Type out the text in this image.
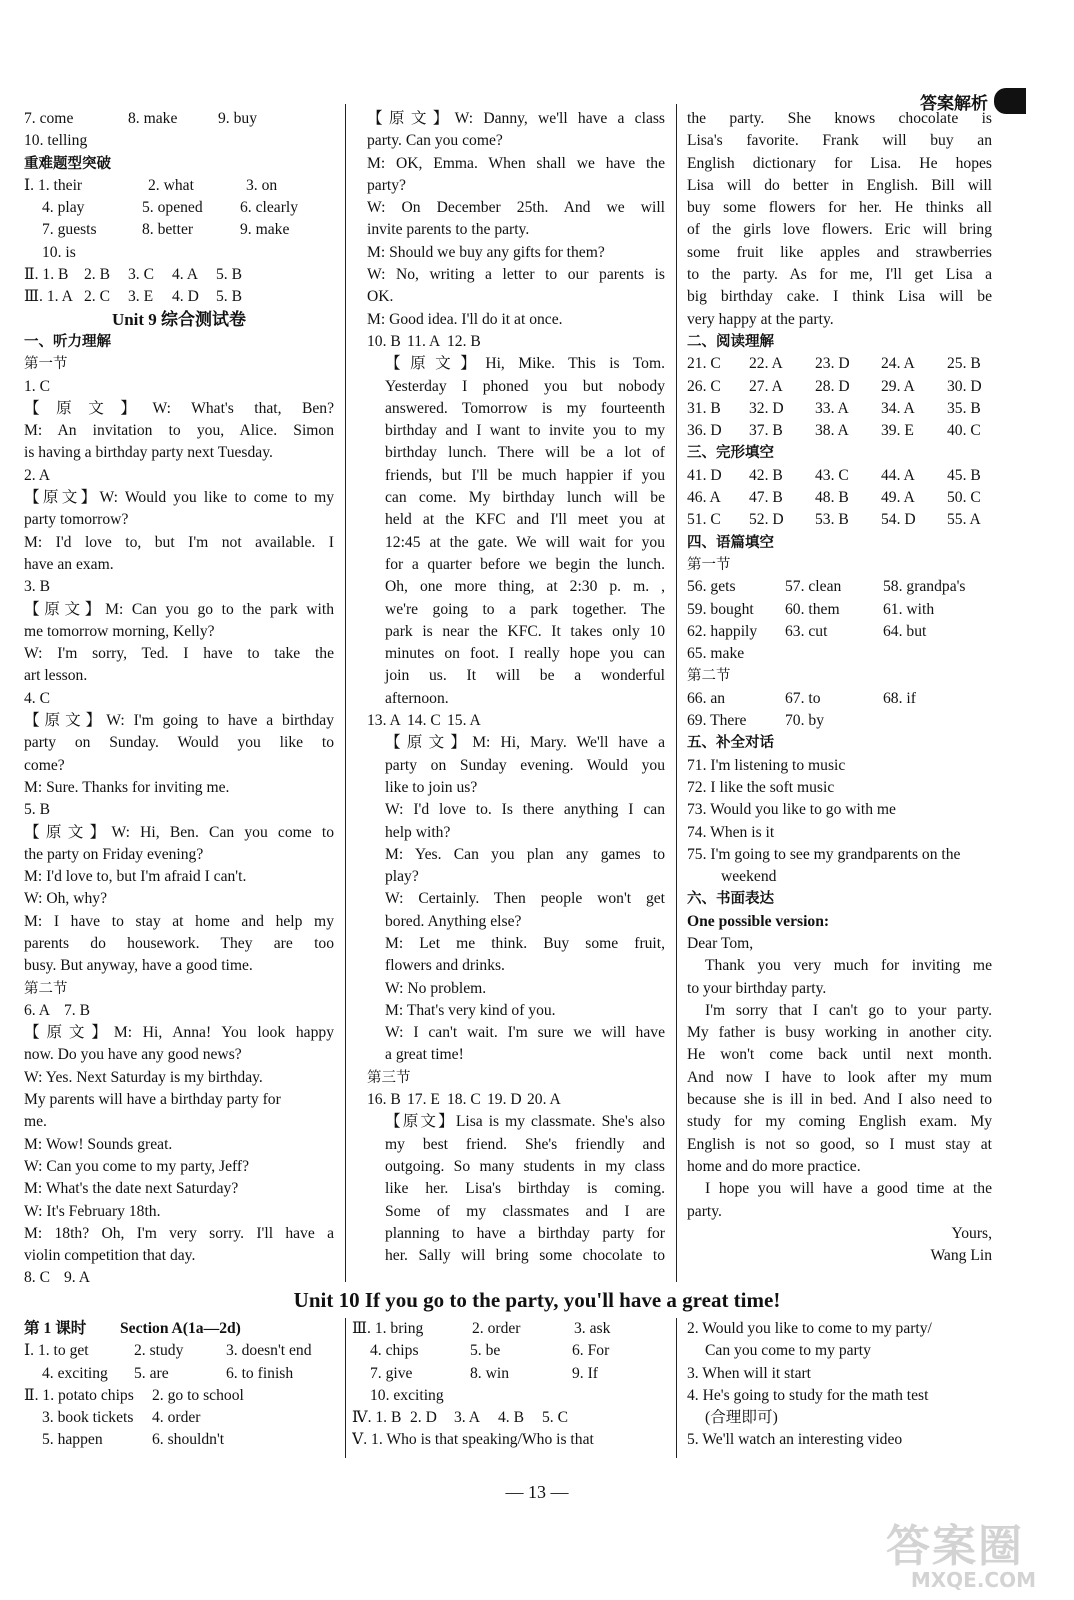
答案解析
7. come	8. make	9. buy
10. telling
重难题型突破
Ⅰ. 1. their	2. what	3. on
4. play	5. opened	6. clearly
7. guests	8. better	9. make
10. is
Ⅱ. 1. B	2. B	3. C	4. A	5. B
Ⅲ. 1. A 2. C	3. E	4. D	5. B
Unit 9 综合测试卷
一、听力理解
第一节
1. C
【原文】W: What's that, Ben?
M: An invitation to you, Alice. Simon
is having a birthday party next Tuesday.
2. A
【原文】W: Would you like to come to my
party tomorrow?
M: I'd love to, but I'm not available. I
have an exam.
3. B
【原文】M: Can you go to the park with
me tomorrow morning, Kelly?
W: I'm sorry, Ted. I have to take the
art lesson.
4. C
【原文】W: I'm going to have a birthday
party on Sunday. Would you like to
come?
M: Sure. Thanks for inviting me.
5. B
【原文】W: Hi, Ben. Can you come to
the party on Friday evening?
M: I'd love to, but I'm afraid I can't.
W: Oh, why?
M: I have to stay at home and help my
parents do housework. They are too
busy. But anyway, have a good time.
第二节
6. A 7. B
【原文】M: Hi, Anna! You look happy
now. Do you have any good news?
W: Yes. Next Saturday is my birthday.
My parents will have a birthday party for
me.
M: Wow! Sounds great.
W: Can you come to my party, Jeff?
M: What's the date next Saturday?
W: It's February 18th.
M: 18th? Oh, I'm very sorry. I'll have a
violin competition that day.
8. C 9. A
【原文】W: Danny, we'll have a class
party. Can you come?
M: OK, Emma. When shall we have the
party?
W: On December 25th. And we will
invite parents to the party.
M: Should we buy any gifts for them?
W: No, writing a letter to our parents is
OK.
M: Good idea. I'll do it at once.
10. B 11. A 12. B
【原文】Hi, Mike. This is Tom.
Yesterday I phoned you but nobody
answered. Tomorrow is my fourteenth
birthday and I want to invite you to my
birthday lunch. There will be a lot of
friends, but I'll be much happier if you
can come. My birthday lunch will be
held at the KFC and I'll meet you at
12:45 at the gate. We will wait for you
for a quarter before we begin the lunch.
Oh, one more thing, at 2:30 p. m. ,
we're going to a park together. The
park is near the KFC. It takes only 10
minutes on foot. I really hope you can
join us. It will be a wonderful
afternoon.
13. A 14. C 15. A
【原文】M: Hi, Mary. We'll have a
party on Sunday evening. Would you
like to join us?
W: I'd love to. Is there anything I can
help with?
M: Yes. Can you plan any games to
play?
W: Certainly. Then people won't get
bored. Anything else?
M: Let me think. Buy some fruit,
flowers and drinks.
W: No problem.
M: That's very kind of you.
W: I can't wait. I'm sure we will have
a great time!
第三节
16. B 17. E 18. C 19. D 20. A
【原文】Lisa is my classmate. She's also
my best friend. She's friendly and
outgoing. So many students in my class
like her. Lisa's birthday is coming.
Some of my classmates and I are
planning to have a birthday party for
her. Sally will bring some chocolate to
the party. She knows chocolate is
Lisa's favorite. Frank will buy an
English dictionary for Lisa. He hopes
Lisa will do better in English. Bill will
buy some flowers for her. He thinks all
of the girls love flowers. Eric will bring
some fruit like apples and strawberries
to the party. As for me, I'll get Lisa a
big birthday cake. I think Lisa will be
very happy at the party.
二、阅读理解
21. C	22. A	23. D	24. A	25. B
26. C	27. A	28. D	29. A	30. D
31. B	32. D	33. A	34. A	35. B
36. D	37. B	38. A	39. E	40. C
三、完形填空
41. D	42. B	43. C	44. A	45. B
46. A	47. B	48. B	49. A	50. C
51. C	52. D	53. B	54. D	55. A
四、语篇填空
第一节
56. gets	57. clean	58. grandpa's
59. bought	60. them	61. with
62. happily	63. cut	64. but
65. make
第二节
66. an	67. to	68. if
69. There	70. by
五、补全对话
71. I'm listening to music
72. I like the soft music
73. Would you like to go with me
74. When is it
75. I'm going to see my grandparents on the
weekend
六、书面表达
One possible version:
Dear Tom,
Thank you very much for inviting me
to your birthday party.
I'm sorry that I can't go to your party.
My father is busy working in another city.
He won't come back until next month.
And now I have to look after my mum
because she is ill in bed. And I also need to
study for my coming English exam. My
English is not so good, so I must stay at
home and do more practice.
I hope you will have a good time at the
party.
Yours,
Wang Lin
Unit 10 If you go to the party, you'll have a great time!
第 1 课时	Section A(1a—2d)
Ⅰ. 1. to get	2. study	3. doesn't end
4. exciting	5. are	6. to finish
Ⅱ. 1. potato chips	2. go to school
3. book tickets	4. order
5. happen	6. shouldn't
Ⅲ. 1. bring	2. order	3. ask
4. chips	5. be	6. For
7. give	8. win	9. If
10. exciting
Ⅳ. 1. B 2. D	3. A	4. B	5. C
Ⅴ. 1. Who is that speaking/Who is that
2. Would you like to come to my party/
Can you come to my party
3. When will it start
4. He's going to study for the math test
(合理即可)
5. We'll watch an interesting video
— 13 —
答案圈
MXQE.COM
